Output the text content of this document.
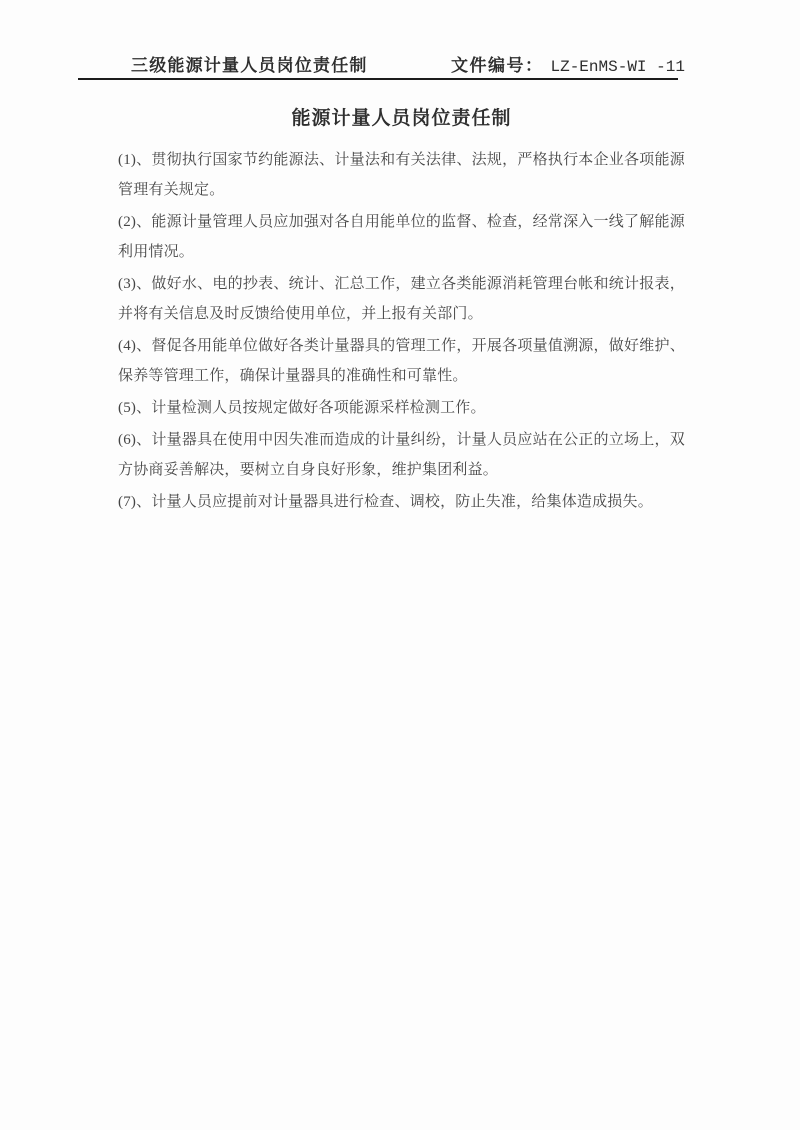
三级能源计量人员岗位责任制	文件编号： LZ-EnMS-WI -11
能源计量人员岗位责任制

(1)、贯彻执行国家节约能源法、计量法和有关法律、法规，严格执行本企业各项能源管理有关规定。

(2)、能源计量管理人员应加强对各自用能单位的监督、检查，经常深入一线了解能源利用情况。

(3)、做好水、电的抄表、统计、汇总工作，建立各类能源消耗管理台帐和统计报表，并将有关信息及时反馈给使用单位，并上报有关部门。

(4)、督促各用能单位做好各类计量器具的管理工作，开展各项量值溯源，做好维护、保养等管理工作，确保计量器具的准确性和可靠性。

(5)、计量检测人员按规定做好各项能源采样检测工作。

(6)、计量器具在使用中因失准而造成的计量纠纷，计量人员应站在公正的立场上，双方协商妥善解决，要树立自身良好形象，维护集团利益。

(7)、计量人员应提前对计量器具进行检查、调校，防止失准，给集体造成损失。
